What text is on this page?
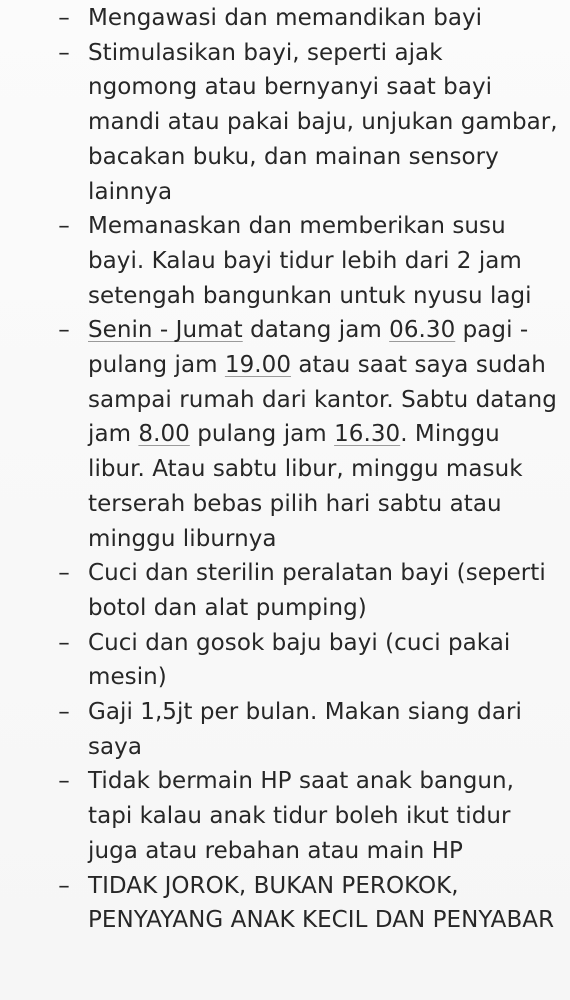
– Mengawasi dan memandikan bayi
– Stimulasikan bayi, seperti ajak ngomong atau bernyanyi saat bayi mandi atau pakai baju, unjukan gambar, bacakan buku, dan mainan sensory lainnya
– Memanaskan dan memberikan susu bayi. Kalau bayi tidur lebih dari 2 jam setengah bangunkan untuk nyusu lagi
– Senin - Jumat datang jam 06.30 pagi - pulang jam 19.00 atau saat saya sudah sampai rumah dari kantor. Sabtu datang jam 8.00 pulang jam 16.30. Minggu libur. Atau sabtu libur, minggu masuk terserah bebas pilih hari sabtu atau minggu liburnya
– Cuci dan sterilin peralatan bayi (seperti botol dan alat pumping)
– Cuci dan gosok baju bayi (cuci pakai mesin)
– Gaji 1,5jt per bulan. Makan siang dari saya
– Tidak bermain HP saat anak bangun, tapi kalau anak tidur boleh ikut tidur juga atau rebahan atau main HP
– TIDAK JOROK, BUKAN PEROKOK, PENYAYANG ANAK KECIL DAN PENYABAR
